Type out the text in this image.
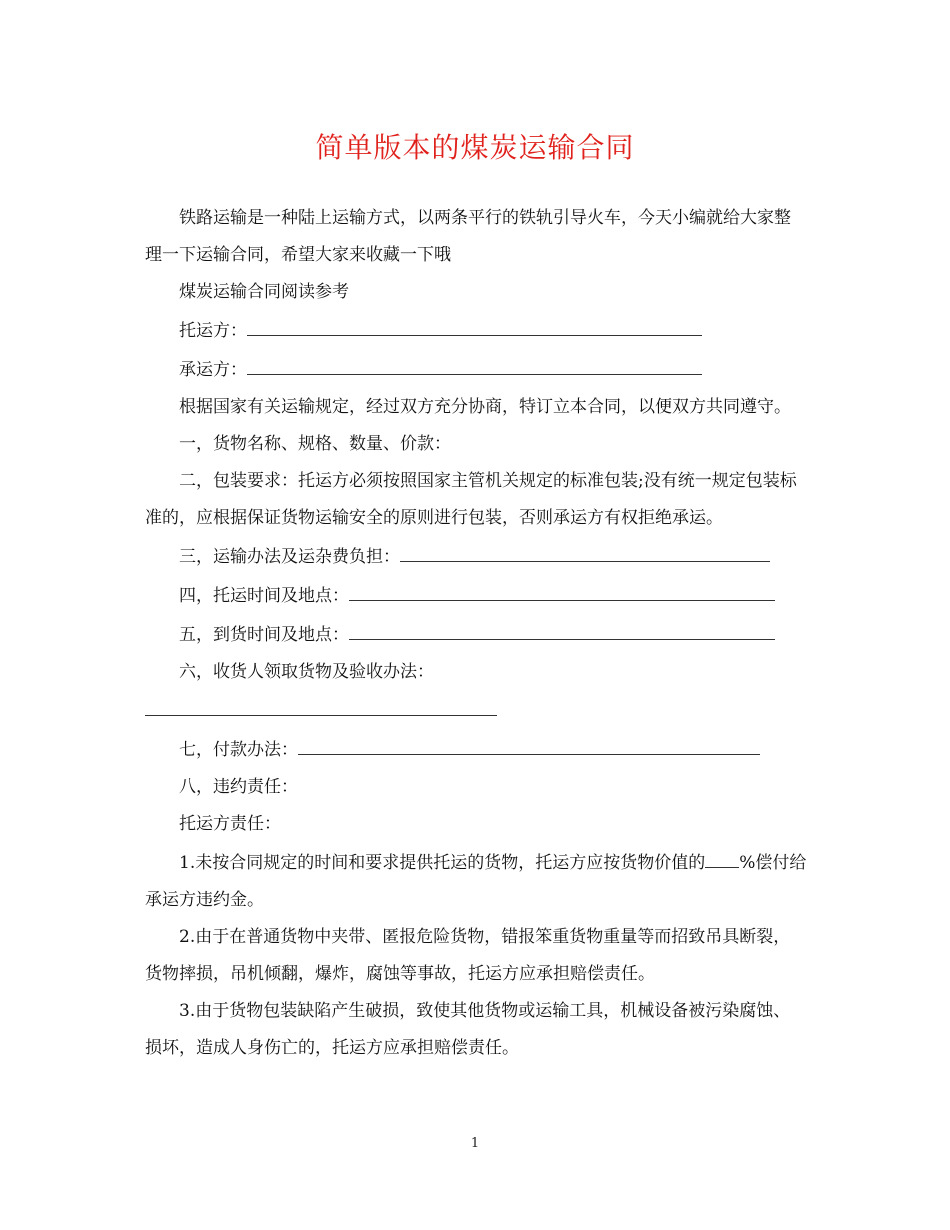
简单版本的煤炭运输合同

铁路运输是一种陆上运输方式，以两条平行的铁轨引导火车，今天小编就给大家整理一下运输合同，希望大家来收藏一下哦

煤炭运输合同阅读参考

托运方：

承运方：

根据国家有关运输规定，经过双方充分协商，特订立本合同，以便双方共同遵守。

一，货物名称、规格、数量、价款：

二，包装要求：托运方必须按照国家主管机关规定的标准包装;没有统一规定包装标准的，应根据保证货物运输安全的原则进行包装，否则承运方有权拒绝承运。

三，运输办法及运杂费负担：

四，托运时间及地点：

五，到货时间及地点：

六，收货人领取货物及验收办法：

七，付款办法：

八，违约责任：

托运方责任：

1.未按合同规定的时间和要求提供托运的货物，托运方应按货物价值的 %偿付给承运方违约金。

2.由于在普通货物中夹带、匿报危险货物，错报笨重货物重量等而招致吊具断裂，货物摔损，吊机倾翻，爆炸，腐蚀等事故，托运方应承担赔偿责任。

3.由于货物包装缺陷产生破损，致使其他货物或运输工具，机械设备被污染腐蚀、损坏，造成人身伤亡的，托运方应承担赔偿责任。

1
